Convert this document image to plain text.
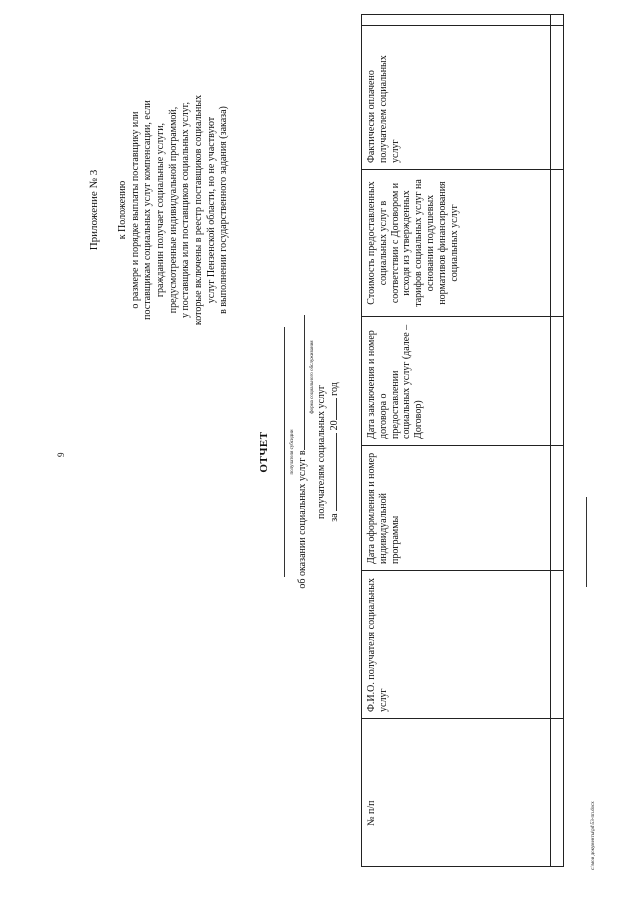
9
Приложение № 3 к Положению о размере и порядке выплаты поставщику или поставщикам социальных услуг компенсации, если гражданин получает социальные услуги, предусмотренные индивидуальной программой, у поставщика или поставщиков социальных услуг, которые включены в реестр поставщиков социальных услуг Пензенской области, но не участвуют в выполнении государственного задания (заказа)
ОТЧЕТ	получателя субсидии об оказании социальных услуг в
форма социального обслуживания
получателям социальных услуг за  20 год
№ п/п	Ф.И.О. получателя социальных услуг	Дата оформления и номер индивидуальной программы	Дата заключения и номер договора о предоставлении социальных услуг (далее – Договор)	Стоимость предоставленных социальных услуг в соответствии с Договором и исходя из утвержденных тарифов социальных услуг на основании подушевых нормативов финансирования социальных услуг	Фактически оплачено получателем социальных услуг	

c:\мои документы\pd\53-пп.docx
